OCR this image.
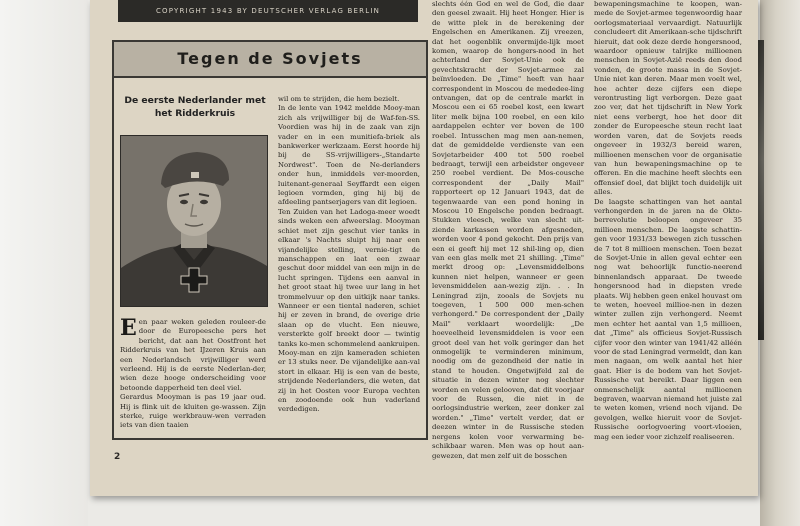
COPYRIGHT 1943 BY DEUTSCHER VERLAG BERLIN
Tegen de Sovjets
De eerste Nederlander met het Ridderkruis
Een paar weken geleden rouleer-de door de Europeesche pers het bericht, dat aan het Oostfront het Ridderkruis van het IJzeren Kruis aan een Nederlandsch vrijwilliger werd verleend. Hij is de eerste Nederlan-der, wien deze hooge onderscheiding voor betoonde dapperheid ten deel viel.
Gerardus Mooyman is pas 19 jaar oud. Hij is flink uit de kluiten ge-wassen. Zijn sterke, ruige werkbrauw-wen verraden iets van dien taaien
wil om te strijden, die hem bezielt.
In de lente van 1942 meldde Mooy-man zich als vrijwilliger bij de Waf-fen-SS. Voordien was hij in de zaak van zijn vader en in een munitiefa-briek als bankwerker werkzaam. Eerst hoorde hij bij de SS-vrijwilligers-„Standarte Nordwest". Toen de Ne-derlanders onder hun, inmiddels ver-moorden, luitenant-generaal Seyffardt een eigen legioen vormden, ging hij bij de afdeeling pantserjagers van dit legioen.
Ten Zuiden van het Ladoga-meer woedt sinds weken een afweerslag. Mooyman schiet met zijn geschut vier tanks in elkaar 's Nachts sluipt hij naar een vijandelijke stelling, vernie-tigt de manschappen en laat een zwaar geschut door middel van een mijn in de lucht springen. Tijdens een aanval in het groot staat hij twee uur lang in het trommelvuur op den uitkijk naar tanks. Wanneer er een tiental naderen, schiet hij er zeven in brand, de overige drie slaan op de vlucht. Een nieuwe, versterkte golf breekt door — twintig tanks ko-men schommelend aankruipen. Mooy-man en zijn kameraden schieten er 13 stuks neer. De vijandelijke aan-val stort in elkaar. Hij is een van de beste, strijdende Nederlanders, die weten, dat zij in het Oosten voor Europa vechten en zoodoende ook hun vaderland verdedigen.
slechts één God en wel de God, die daar den geesel zwaait. Hij heet Honger. Hier is de witte plek in de berekening der Engelschen en Amerikanen. Zij vreezen, dat het oogenblik onvermijde-lijk moet komen, waarop de hongers-nood in het achterland der Sovjet-Unie ook de gevechtskracht der Sovjet-armee zal beïnvloeden. De „Time" heeft van haar correspondent in Moscou de mededee-ling ontvangen, dat op de centrale markt in Moscou een ei 65 roebel kost, een kwart liter melk bijna 100 roebel, en een kilo aardappelen echter ver boven de 100 roebel. Intusschen mag men aan-nemen, dat de gemiddelde verdienste van een Sovjetarbeider 400 tot 500 roebel bedraagt, terwijl een arbeidster ongeveer 250 roebel verdient. De Mos-cousche correspondent der „Daily Mail" rapporteert op 12 Januari 1943, dat de tegenwaarde van een pond honing in Moscou 10 Engelsche ponden bedraagt. Stukken vleesch, welke van slecht uit-ziende karkassen worden afgesneden, worden voor 4 pond gekocht. Den prijs van een ei geeft hij met 12 shil-ling op, dien van een glas melk met 21 shilling. „Time" merkt droog op: „Levensmiddelbons kunnen niet helpen, wanneer er geen levensmiddelen aan-wezig zijn. . . In Leningrad zijn, zooals de Sovjets nu toegeven, 1 500 000 men-schen verhongerd." De correspondent der „Daily Mail" verklaart woordelijk: „De hoeveelheid levensmiddelen is voor een groot deel van het volk geringer dan het onmogelijk te verminderen minimum, noodig om de gezondheid der natie in stand te houden. Ongetwijfeld zal de situatie in dezen winter nog slechter worden en velen gelooven, dat dit voorjaar voor de Russen, die niet in de oorlogsindustrie werken, zeer donker zal worden." „Time" vertelt verder, dat er deezen winter in de Russische steden nergens kolen voor verwarming be-schikbaar waren. Men was op hout aan-gewezen, dat men zelf uit de bosschen
bewapeningsmachine te koopen, wan-mede de Sovjet-armee tegenwoordig haar oorlogsmateriaal vervaardigt. Natuurlijk concludeert dit Amerikaan-sche tijdschrift hieruit, dat ook deze derde hongersnood, waardoor opnieuw talrijke millioenen menschen in Sovjet-Azië reeds den dood vonden, de groote massa in de Sovjet-Unie niet kan deren. Maar men voelt wel, hoe achter deze cijfers een diepe verontrusting ligt verborgen. Deze gaat zoo ver, dat het tijdschrift in New York niet eens verbergt, hoe het door dit zonder de Europeesche steun recht laat worden varen, dat de Sovjets reeds ongeveer in 1932/3 bereid waren, millioenen menschen voor de organisatie van hun bewapeningsmachine op te offeren. En die machine heeft slechts een offensief doel, dat blijkt toch duidelijk uit alles.
De laagste schattingen van het aantal verhongerden in de jaren na de Okto-berrevolutie beloopen ongeveer 35 millioen menschen. De laagste schattin-gen voor 1931/33 bewegen zich tusschen de 7 tot 8 millioen menschen. Toen bezat de Sovjet-Unie in allen geval echter een nog wat behoorlijk functio-neerend binnenlandsch apparaat. De tweede hongersnood had in diepsten vrede plaats. Wij hebben geen enkel houvast om te weten, hoeveel millioe-nen in dezen winter zullen zijn verhongerd. Neemt men echter het aantal van 1,5 millioen, dat „Time" als officieus Sovjet-Russisch cijfer voor den winter van 1941/42 alléén voor de stad Leningrad vermeldt, dan kan men nagaan, om welk aantal het hier gaat. Hier is de bodem van het Sovjet-Russische vat bereikt. Daar liggen een onmenschelijk aantal millioenen begraven, waarvan niemand het juiste zal te weten komen, vriend noch vijand. De gevolgen, welke hieruit voor de Sovjet-Russische oorlogvoering voort-vloeien, mag een ieder voor zichzelf realiseeren.
2
